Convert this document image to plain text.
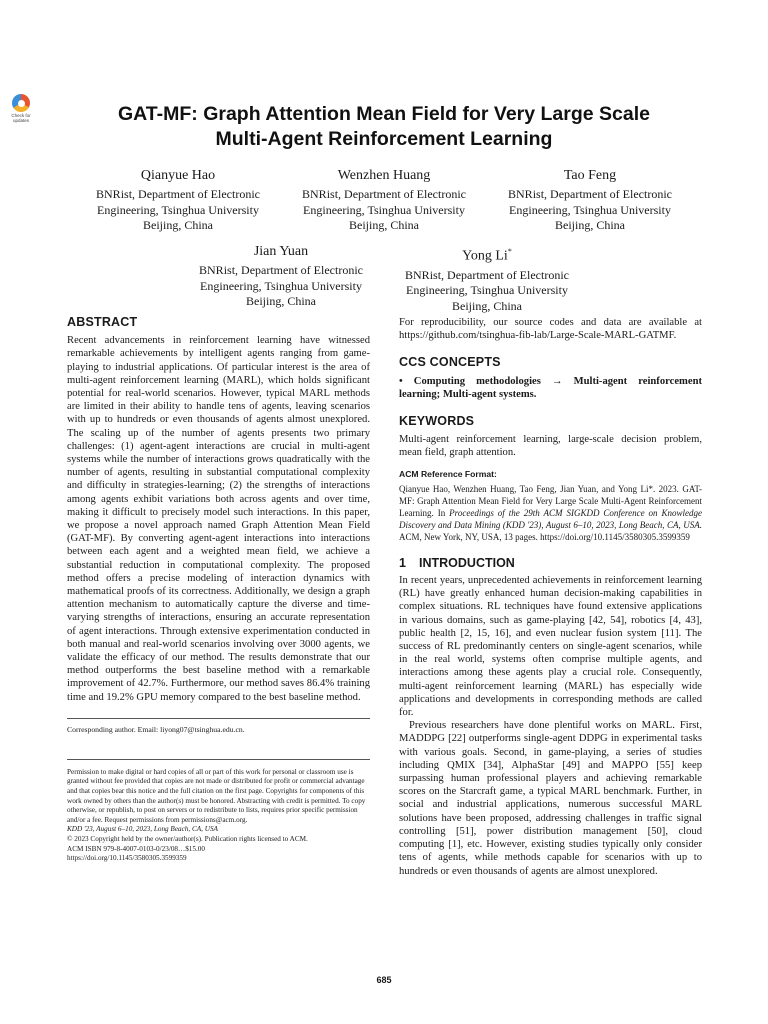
Check for
updates	GAT-MF: Graph Attention Mean Field for Very Large Scale
Multi-Agent Reinforcement Learning
Qianyue Hao
BNRist, Department of Electronic
Engineering, Tsinghua University
Beijing, China
Wenzhen Huang
BNRist, Department of Electronic
Engineering, Tsinghua University
Beijing, China
Tao Feng
BNRist, Department of Electronic
Engineering, Tsinghua University
Beijing, China
Jian Yuan
BNRist, Department of Electronic
Engineering, Tsinghua University
Beijing, China
Yong Li*
BNRist, Department of Electronic
Engineering, Tsinghua University
Beijing, China
ABSTRACT

Recent advancements in reinforcement learning have witnessed remarkable achievements by intelligent agents ranging from game-playing to industrial applications. Of particular interest is the area of multi-agent reinforcement learning (MARL), which holds significant potential for real-world scenarios. However, typical MARL methods are limited in their ability to handle tens of agents, leaving scenarios with up to hundreds or even thousands of agents almost unexplored. The scaling up of the number of agents presents two primary challenges: (1) agent-agent interactions are crucial in multi-agent systems while the number of interactions grows quadratically with the number of agents, resulting in substantial computational complexity and difficulty in strategies-learning; (2) the strengths of interactions among agents exhibit variations both across agents and over time, making it difficult to precisely model such interactions. In this paper, we propose a novel approach named Graph Attention Mean Field (GAT-MF). By converting agent-agent interactions into interactions between each agent and a weighted mean field, we achieve a substantial reduction in computational complexity. The proposed method offers a precise modeling of interaction dynamics with mathematical proofs of its correctness. Additionally, we design a graph attention mechanism to automatically capture the diverse and time-varying strengths of interactions, ensuring an accurate representation of agent interactions. Through extensive experimentation conducted in both manual and real-world scenarios involving over 3000 agents, we validate the efficacy of our method. The results demonstrate that our method outperforms the best baseline method with a remarkable improvement of 42.7%. Furthermore, our method saves 86.4% training time and 19.2% GPU memory compared to the best baseline method.

Corresponding author. Email: liyong07@tsinghua.edu.cn.

Permission to make digital or hard copies of all or part of this work for personal or classroom use is granted without fee provided that copies are not made or distributed for profit or commercial advantage and that copies bear this notice and the full citation on the first page. Copyrights for components of this work owned by others than the author(s) must be honored. Abstracting with credit is permitted. To copy otherwise, or republish, to post on servers or to redistribute to lists, requires prior specific permission and/or a fee. Request permissions from permissions@acm.org.

KDD '23, August 6–10, 2023, Long Beach, CA, USA

© 2023 Copyright held by the owner/author(s). Publication rights licensed to ACM.

ACM ISBN 979-8-4007-0103-0/23/08…$15.00

https://doi.org/10.1145/3580305.3599359

For reproducibility, our source codes and data are available at https://github.com/tsinghua-fib-lab/Large-Scale-MARL-GATMF.

CCS CONCEPTS

• Computing methodologies → Multi-agent reinforcement learning; Multi-agent systems.

KEYWORDS

Multi-agent reinforcement learning, large-scale decision problem, mean field, graph attention.

ACM Reference Format:

Qianyue Hao, Wenzhen Huang, Tao Feng, Jian Yuan, and Yong Li*. 2023. GAT-MF: Graph Attention Mean Field for Very Large Scale Multi-Agent Reinforcement Learning. In Proceedings of the 29th ACM SIGKDD Conference on Knowledge Discovery and Data Mining (KDD '23), August 6–10, 2023, Long Beach, CA, USA. ACM, New York, NY, USA, 13 pages. https://doi.org/10.1145/3580305.3599359

1 INTRODUCTION

In recent years, unprecedented achievements in reinforcement learning (RL) have greatly enhanced human decision-making capabilities in complex situations. RL techniques have found extensive applications in various domains, such as game-playing [42, 54], robotics [4, 43], public health [2, 15, 16], and even nuclear fusion system [11]. The success of RL predominantly centers on single-agent scenarios, while in the real world, systems often comprise multiple agents, and interactions among these agents play a crucial role. Consequently, multi-agent reinforcement learning (MARL) has especially wide applications and developments in corresponding methods are called for.

Previous researchers have done plentiful works on MARL. First, MADDPG [22] outperforms single-agent DDPG in experimental tasks with various goals. Second, in game-playing, a series of studies including QMIX [34], AlphaStar [49] and MAPPO [55] keep surpassing human professional players and achieving remarkable scores on the Starcraft game, a typical MARL benchmark. Further, in social and industrial applications, numerous successful MARL solutions have been proposed, addressing challenges in traffic signal controlling [51], power distribution management [50], cloud computing [1], etc. However, existing studies typically only consider tens of agents, while methods capable for scenarios with up to hundreds or even thousands of agents are almost unexplored.

685
